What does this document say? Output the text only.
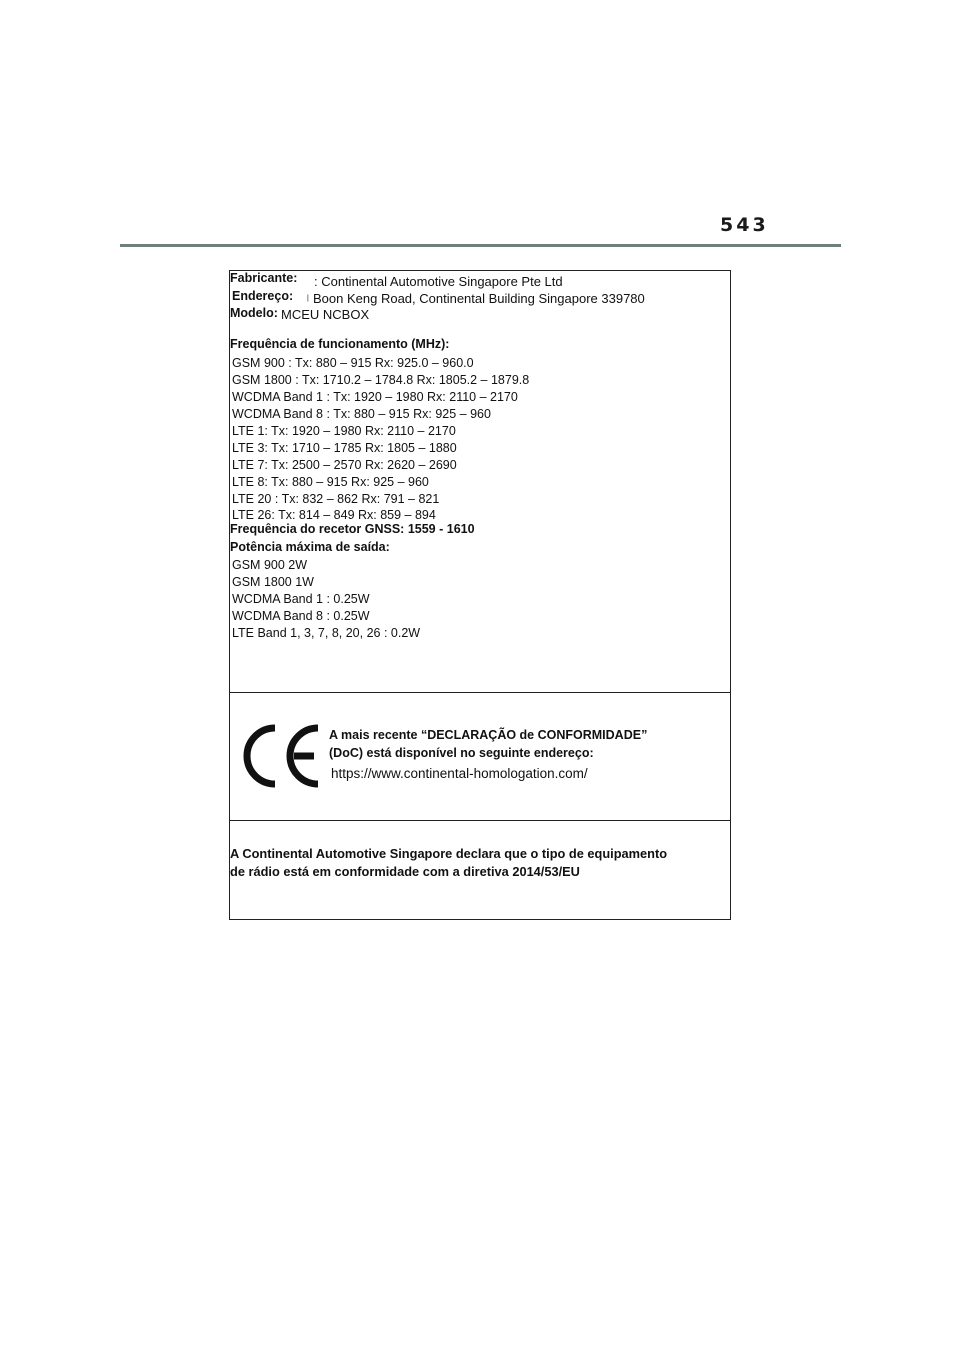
543
Fabricante: : Continental Automotive Singapore Pte Ltd
Endereço: | Boon Keng Road, Continental Building Singapore 339780
Modelo: MCEU NCBOX
Frequência de funcionamento (MHz):
GSM 900 : Tx: 880 – 915 Rx: 925.0 – 960.0
GSM 1800 : Tx: 1710.2 – 1784.8 Rx: 1805.2 – 1879.8
WCDMA Band 1 : Tx: 1920 – 1980 Rx: 2110 – 2170
WCDMA Band 8 : Tx: 880 – 915 Rx: 925 – 960
LTE 1: Tx: 1920 – 1980 Rx: 2110 – 2170
LTE 3: Tx: 1710 – 1785 Rx: 1805 – 1880
LTE 7: Tx: 2500 – 2570 Rx: 2620 – 2690
LTE 8: Tx: 880 – 915 Rx: 925 – 960
LTE 20 : Tx: 832 – 862 Rx: 791 – 821
LTE 26: Tx: 814 – 849 Rx: 859 – 894
Frequência do recetor GNSS: 1559 - 1610
Potência máxima de saída:
GSM 900 2W
GSM 1800 1W
WCDMA Band 1 : 0.25W
WCDMA Band 8 : 0.25W
LTE Band 1, 3, 7, 8, 20, 26 : 0.2W
A mais recente “DECLARAÇÃO de CONFORMIDADE”
(DoC) está disponível no seguinte endereço:
https://www.continental-homologation.com/
A Continental Automotive Singapore declara que o tipo de equipamento
de rádio está em conformidade com a diretiva 2014/53/EU
